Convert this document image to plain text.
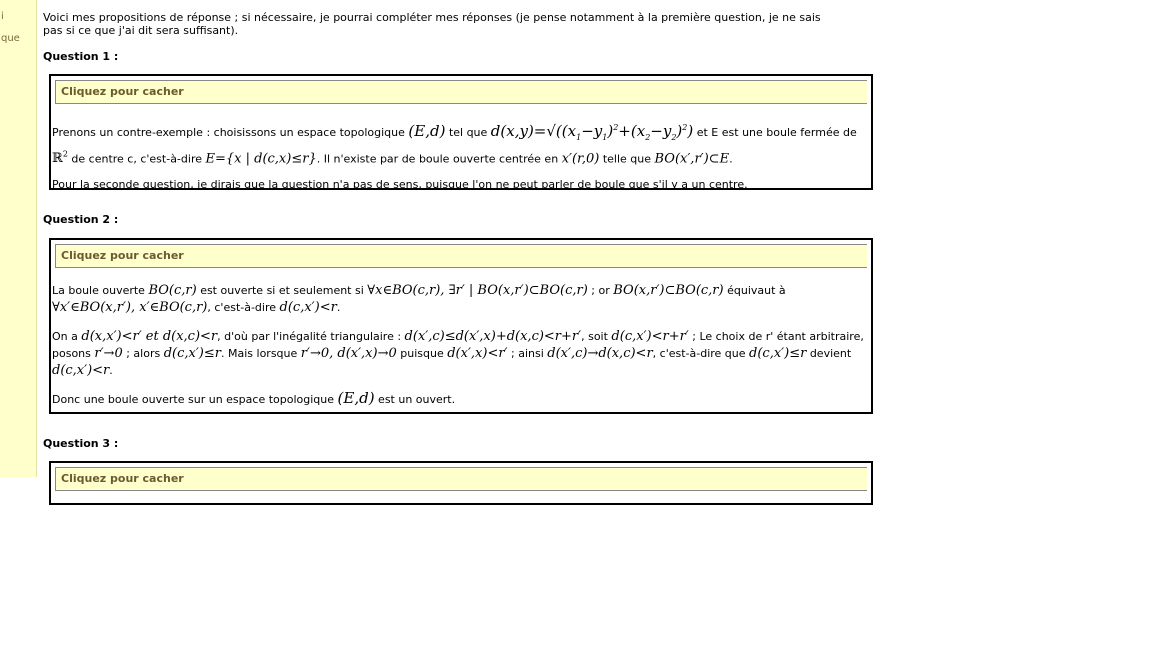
i
que

Voici mes propositions de réponse ; si nécessaire, je pourrai compléter mes réponses (je pense notamment à la première question, je ne sais pas si ce que j'ai dit sera suffisant).

Question 1 :

Cliquez pour cacher

Prenons un contre-exemple : choisissons un espace topologique (E,d) tel que $d(x,y)=√((x_1-y_1)^2+(x_2-y_2)^2)$ et E est une boule fermée de
ℝ$^2$ de centre c, c'est-à-dire E={x | d(c,x)≤r}. Il n'existe par de boule ouverte centrée en x′(r,0) telle que BO(x′,r′)⊂E.

Pour la seconde question, je dirais que la question n'a pas de sens, puisque l'on ne peut parler de boule que s'il y a un centre.

Question 2 :

Cliquez pour cacher

La boule ouverte BO(c,r) est ouverte si et seulement si ∀x∈BO(c,r), ∃r′ | BO(x,r′)⊂BO(c,r) ; or BO(x,r′)⊂BO(c,r) équivaut à
∀x′∈BO(x,r′), x′∈BO(c,r), c'est-à-dire d(c,x′)<r.

On a d(x,x′)<r′ et d(x,c)<r, d'où par l'inégalité triangulaire : d(x′,c)≤d(x′,x)+d(x,c)<r+r′, soit d(c,x′)<r+r′ ; Le choix de r' étant arbitraire, posons r′→0 ; alors d(c,x′)≤r. Mais lorsque r′→0, d(x′,x)→0 puisque d(x′,x)<r′ ; ainsi d(x′,c)→d(x,c)<r, c'est-à-dire que d(c,x′)≤r devient d(c,x′)<r.

Donc une boule ouverte sur un espace topologique (E,d) est un ouvert.

Question 3 :

Cliquez pour cacher
